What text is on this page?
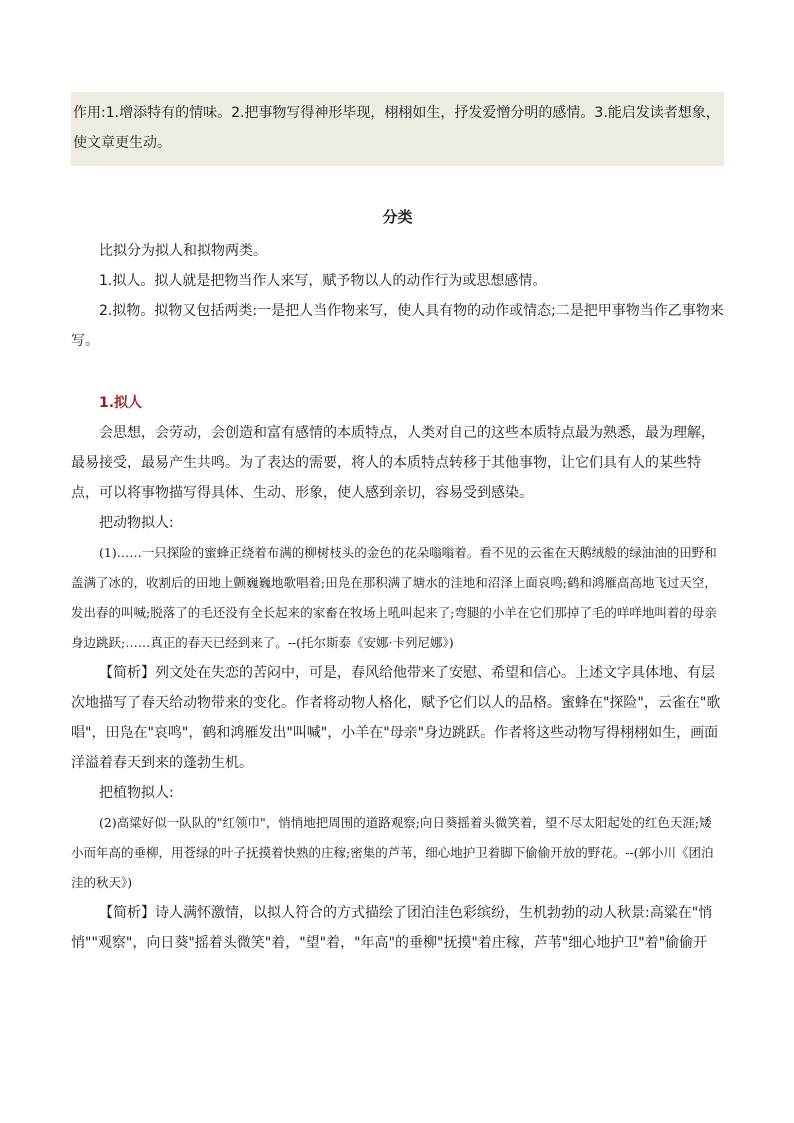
作用:1.增添特有的情味。2.把事物写得神形毕现，栩栩如生，抒发爱憎分明的感情。3.能启发读者想象，使文章更生动。

分类

比拟分为拟人和拟物两类。

1.拟人。拟人就是把物当作人来写，赋予物以人的动作行为或思想感情。

2.拟物。拟物又包括两类:一是把人当作物来写，使人具有物的动作或情态;二是把甲事物当作乙事物来写。

1.拟人

会思想，会劳动，会创造和富有感情的本质特点，人类对自己的这些本质特点最为熟悉，最为理解，最易接受，最易产生共鸣。为了表达的需要，将人的本质特点转移于其他事物，让它们具有人的某些特点，可以将事物描写得具体、生动、形象，使人感到亲切，容易受到感染。

把动物拟人:

(1)……一只探险的蜜蜂正绕着布满的柳树枝头的金色的花朵嗡嗡着。看不见的云雀在天鹅绒般的绿油油的田野和盖满了冰的，收割后的田地上颤巍巍地歌唱着;田凫在那积满了塘水的洼地和沼泽上面哀鸣;鹤和鸿雁高高地飞过天空，发出春的叫喊;脱落了的毛还没有全长起来的家畜在牧场上吼叫起来了;弯腿的小羊在它们那掉了毛的咩咩地叫着的母亲身边跳跃;……真正的春天已经到来了。--(托尔斯泰《安娜·卡列尼娜》)

【简析】列文处在失恋的苦闷中，可是，春风给他带来了安慰、希望和信心。上述文字具体地、有层次地描写了春天给动物带来的变化。作者将动物人格化，赋予它们以人的品格。蜜蜂在"探险"，云雀在"歌唱"，田凫在"哀鸣"，鹤和鸿雁发出"叫喊"，小羊在"母亲"身边跳跃。作者将这些动物写得栩栩如生，画面洋溢着春天到来的蓬勃生机。

把植物拟人:

(2)高粱好似一队队的"红领巾"，悄悄地把周围的道路观察;向日葵摇着头微笑着，望不尽太阳起处的红色天涯;矮小而年高的垂柳，用苍绿的叶子抚摸着快熟的庄稼;密集的芦苇，细心地护卫着脚下偷偷开放的野花。--(郭小川《团泊洼的秋天》)

【简析】诗人满怀激情，以拟人符合的方式描绘了团泊洼色彩缤纷，生机勃勃的动人秋景:高粱在"悄悄""观察"，向日葵"摇着头微笑"着，"望"着，"年高"的垂柳"抚摸"着庄稼，芦苇"细心地护卫"着"偷偷开
